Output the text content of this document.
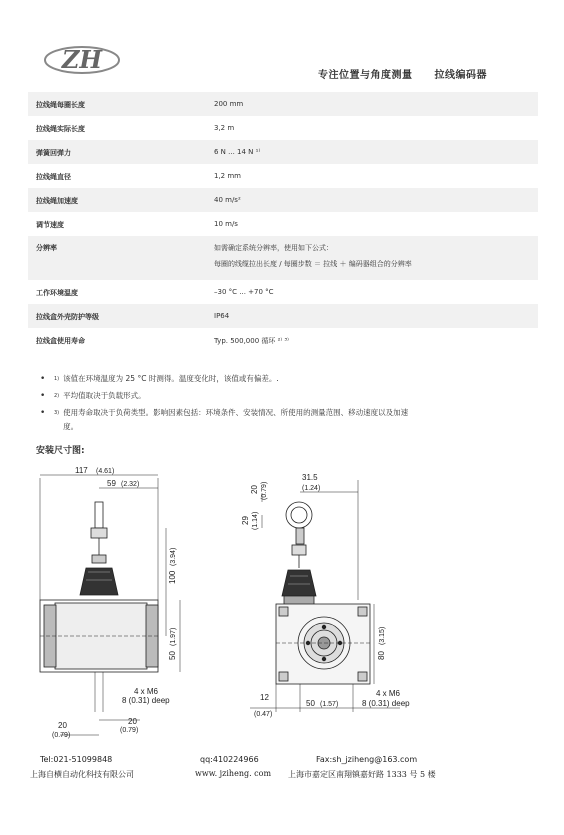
ZH
专注位置与角度测量 拉线编码器
拉线绳每圈长度	200 mm
拉线绳实际长度	3,2 m
弹簧回弹力	6 N ... 14 N ¹⁾
拉线绳直径	1,2 mm
拉线绳加速度	40 m/s²
调节速度	10 m/s
分辨率	如需确定系统分辨率，使用如下公式：
每圈的线缆拉出长度 / 每圈步数 ＝ 拉线 ＋ 编码器组合的分辨率
工作环境温度	–30 °C ... +70 °C
拉线盒外壳防护等级	IP64
拉线盒使用寿命	Typ. 500,000 循环 ²⁾ ³⁾
•	1) 该值在环境温度为 25 °C 时测得。温度变化时，该值或有偏差。.
•	2) 平均值取决于负载形式。
•	3) 使用寿命取决于负荷类型。影响因素包括：环境条件、安装情况、所使用的测量范围、移动速度以及加速
度。
安装尺寸图:
117 (4.61)
59 (2.32)
100
(3.94)
50
(1.97)
4 x M6
8 (0.31) deep
20
(0.79)
20
(0.79)
31.5
(1.24)
20 (0.79)
29 (1.14)
80
(3.15)
12
(0.47)
50 (1.57)
4 x M6
8 (0.31) deep
Tel:021-51099848	qq:410224966	Fax:sh_jziheng@163.com
上海自横自动化科技有限公司	www. jziheng. com 上海市嘉定区南翔镇嘉好路 1333 号 5 楼
